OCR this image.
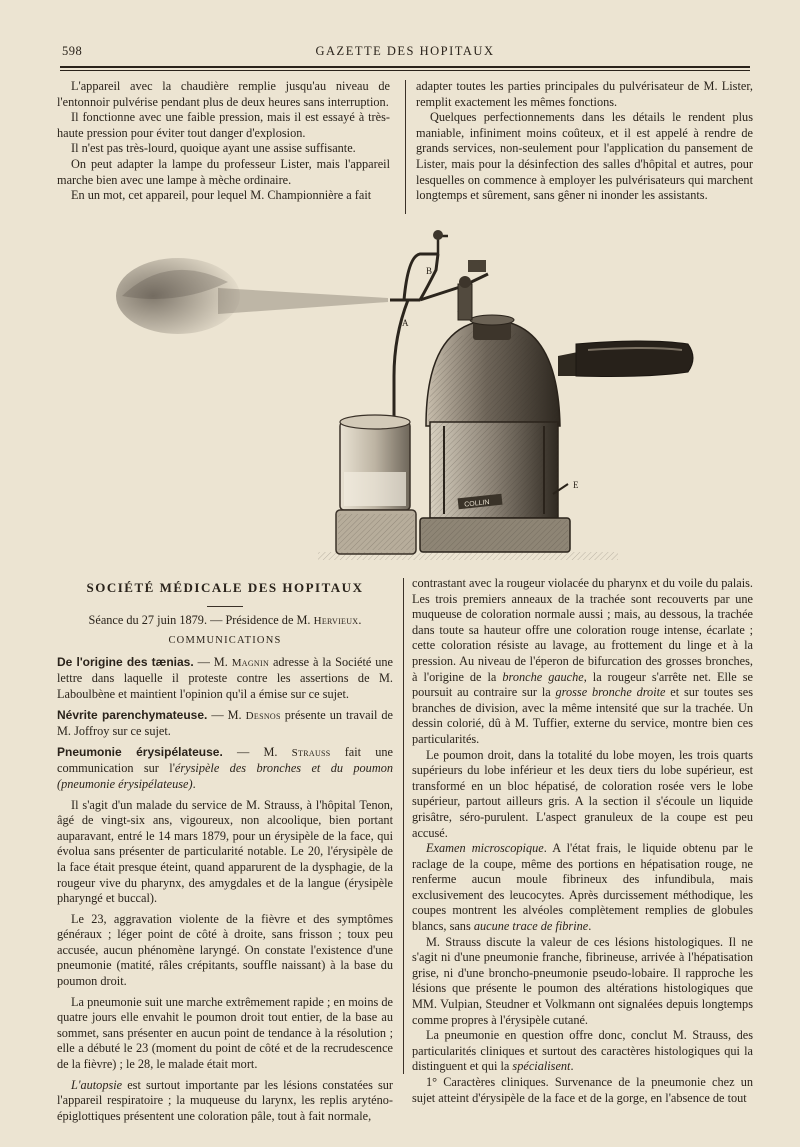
598	GAZETTE DES HOPITAUX

L'appareil avec la chaudière remplie jusqu'au niveau de l'entonnoir pulvérise pendant plus de deux heures sans interruption.

Il fonctionne avec une faible pression, mais il est essayé à très-haute pression pour éviter tout danger d'explosion.

Il n'est pas très-lourd, quoique ayant une assise suffisante.

On peut adapter la lampe du professeur Lister, mais l'appareil marche bien avec une lampe à mèche ordinaire.

En un mot, cet appareil, pour lequel M. Championnière a fait

adapter toutes les parties principales du pulvérisateur de M. Lister, remplit exactement les mêmes fonctions.

Quelques perfectionnements dans les détails le rendent plus maniable, infiniment moins coûteux, et il est appelé à rendre de grands services, non-seulement pour l'application du pansement de Lister, mais pour la désinfection des salles d'hôpital et autres, pour lesquelles on commence à employer les pulvérisateurs qui marchent longtemps et sûrement, sans gêner ni inonder les assistants.

B
A
COLLIN
E
SOCIÉTÉ MÉDICALE DES HOPITAUX
Séance du 27 juin 1879. — Présidence de M. Hervieux.
COMMUNICATIONS

De l'origine des tænias. — M. Magnin adresse à la Société une lettre dans laquelle il proteste contre les assertions de M. Laboulbène et maintient l'opinion qu'il a émise sur ce sujet.

Névrite parenchymateuse. — M. Desnos présente un travail de M. Joffroy sur ce sujet.

Pneumonie érysipélateuse. — M. Strauss fait une communication sur l'érysipèle des bronches et du poumon (pneumonie érysipélateuse).

Il s'agit d'un malade du service de M. Strauss, à l'hôpital Tenon, âgé de vingt-six ans, vigoureux, non alcoolique, bien portant auparavant, entré le 14 mars 1879, pour un érysipèle de la face, qui évolua sans présenter de particularité notable. Le 20, l'érysipèle de la face était presque éteint, quand apparurent de la dysphagie, de la rougeur vive du pharynx, des amygdales et de la langue (érysipèle pharyngé et buccal).

Le 23, aggravation violente de la fièvre et des symptômes généraux ; léger point de côté à droite, sans frisson ; toux peu accusée, aucun phénomène laryngé. On constate l'existence d'une pneumonie (matité, râles crépitants, souffle naissant) à la base du poumon droit.

La pneumonie suit une marche extrêmement rapide ; en moins de quatre jours elle envahit le poumon droit tout entier, de la base au sommet, sans présenter en aucun point de tendance à la résolution ; elle a débuté le 23 (moment du point de côté et de la recrudescence de la fièvre) ; le 28, le malade était mort.

L'autopsie est surtout importante par les lésions constatées sur l'appareil respiratoire ; la muqueuse du larynx, les replis aryténo-épiglottiques présentent une coloration pâle, tout à fait normale,

contrastant avec la rougeur violacée du pharynx et du voile du palais. Les trois premiers anneaux de la trachée sont recouverts par une muqueuse de coloration normale aussi ; mais, au dessous, la trachée dans toute sa hauteur offre une coloration rouge intense, écarlate ; cette coloration résiste au lavage, au frottement du linge et à la pression. Au niveau de l'éperon de bifurcation des grosses bronches, à l'origine de la bronche gauche, la rougeur s'arrête net. Elle se poursuit au contraire sur la grosse bronche droite et sur toutes ses branches de division, avec la même intensité que sur la trachée. Un dessin colorié, dû à M. Tuffier, externe du service, montre bien ces particularités.

Le poumon droit, dans la totalité du lobe moyen, les trois quarts supérieurs du lobe inférieur et les deux tiers du lobe supérieur, est transformé en un bloc hépatisé, de coloration rosée vers le lobe supérieur, partout ailleurs gris. A la section il s'écoule un liquide grisâtre, séro-purulent. L'aspect granuleux de la coupe est peu accusé.

Examen microscopique. A l'état frais, le liquide obtenu par le raclage de la coupe, même des portions en hépatisation rouge, ne renferme aucun moule fibrineux des infundibula, mais exclusivement des leucocytes. Après durcissement méthodique, les coupes montrent les alvéoles complètement remplies de globules blancs, sans aucune trace de fibrine.

M. Strauss discute la valeur de ces lésions histologiques. Il ne s'agit ni d'une pneumonie franche, fibrineuse, arrivée à l'hépatisation grise, ni d'une broncho-pneumonie pseudo-lobaire. Il rapproche les lésions que présente le poumon des altérations histologiques que MM. Vulpian, Steudner et Volkmann ont signalées depuis longtemps comme propres à l'érysipèle cutané.

La pneumonie en question offre donc, conclut M. Strauss, des particularités cliniques et surtout des caractères histologiques qui la distinguent et qui la spécialisent.

1° Caractères cliniques. Survenance de la pneumonie chez un sujet atteint d'érysipèle de la face et de la gorge, en l'absence de tout
